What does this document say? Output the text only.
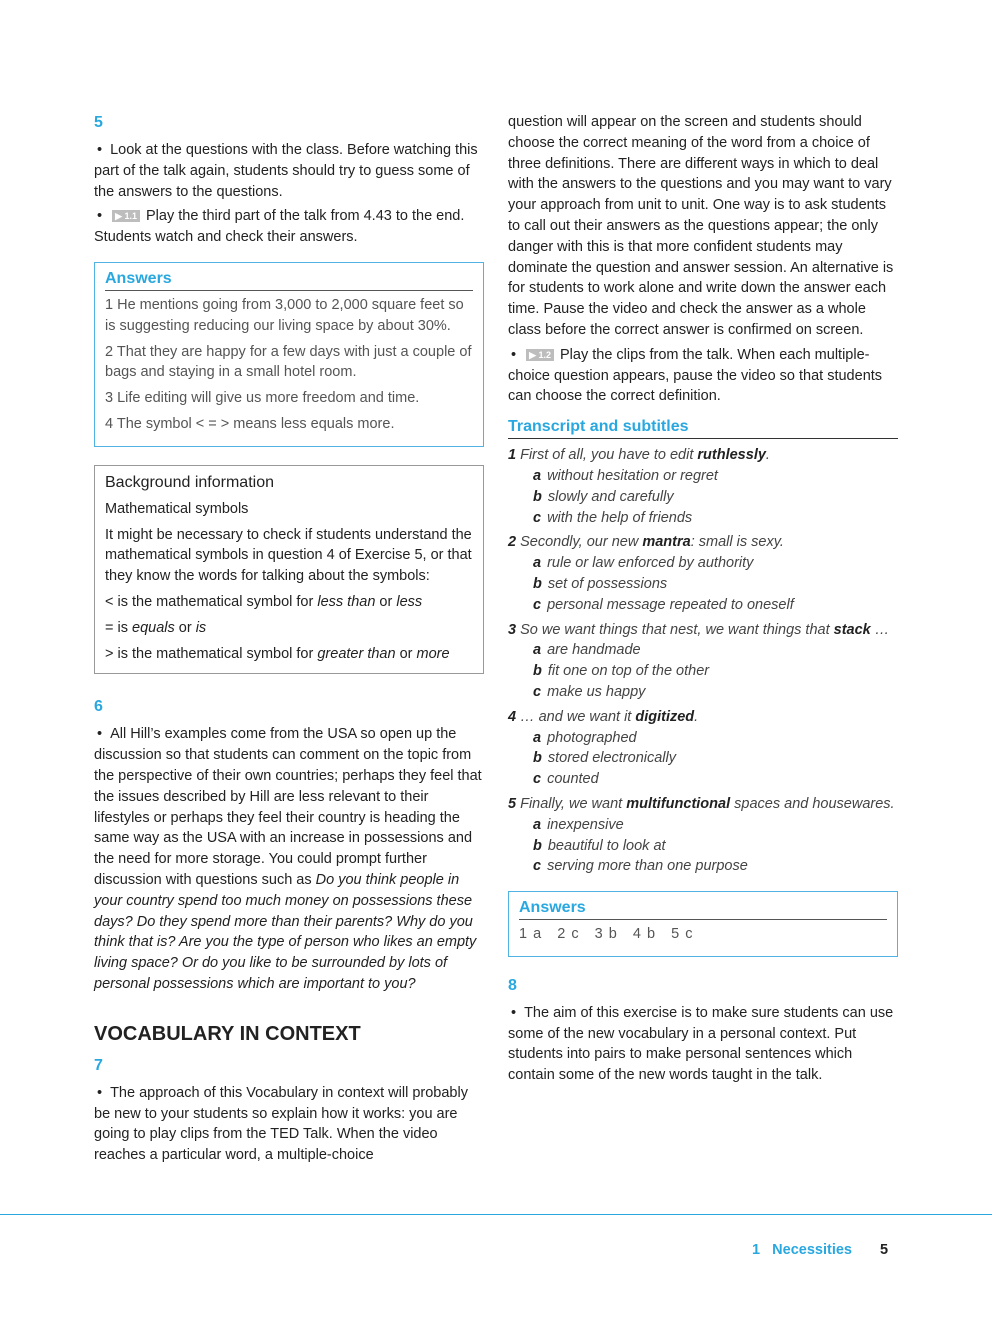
5

• Look at the questions with the class. Before watching this part of the talk again, students should try to guess some of the answers to the questions.

• ▶ 1.1 Play the third part of the talk from 4.43 to the end. Students watch and check their answers.

Answers

1 He mentions going from 3,000 to 2,000 square feet so is suggesting reducing our living space by about 30%.

2 That they are happy for a few days with just a couple of bags and staying in a small hotel room.

3 Life editing will give us more freedom and time.

4 The symbol < = > means less equals more.

Background information
Mathematical symbols

It might be necessary to check if students understand the mathematical symbols in question 4 of Exercise 5, or that they know the words for talking about the symbols:

< is the mathematical symbol for less than or less

= is equals or is

> is the mathematical symbol for greater than or more

6

• All Hill’s examples come from the USA so open up the discussion so that students can comment on the topic from the perspective of their own countries; perhaps they feel that the issues described by Hill are less relevant to their lifestyles or perhaps they feel their country is heading the same way as the USA with an increase in possessions and the need for more storage. You could prompt further discussion with questions such as Do you think people in your country spend too much money on possessions these days? Do they spend more than their parents? Why do you think that is? Are you the type of person who likes an empty living space? Or do you like to be surrounded by lots of personal possessions which are important to you?

VOCABULARY IN CONTEXT
7

• The approach of this Vocabulary in context will probably be new to your students so explain how it works: you are going to play clips from the TED Talk. When the video reaches a particular word, a multiple-choice

question will appear on the screen and students should choose the correct meaning of the word from a choice of three definitions. There are different ways in which to deal with the answers to the questions and you may want to vary your approach from unit to unit. One way is to ask students to call out their answers as the questions appear; the only danger with this is that more confident students may dominate the question and answer session. An alternative is for students to work alone and write down the answer each time. Pause the video and check the answer as a whole class before the correct answer is confirmed on screen.

• ▶ 1.2 Play the clips from the talk. When each multiple-choice question appears, pause the video so that students can choose the correct definition.

Transcript and subtitles

1 First of all, you have to edit ruthlessly.

a without hesitation or regret

b slowly and carefully

c with the help of friends

2 Secondly, our new mantra: small is sexy.

a rule or law enforced by authority

b set of possessions

c personal message repeated to oneself

3 So we want things that nest, we want things that stack …

a are handmade

b fit one on top of the other

c make us happy

4 … and we want it digitized.

a photographed

b stored electronically

c counted

5 Finally, we want multifunctional spaces and housewares.

a inexpensive

b beautiful to look at

c serving more than one purpose

Answers

1 a   2 c   3 b   4 b   5 c

8

• The aim of this exercise is to make sure students can use some of the new vocabulary in a personal context. Put students into pairs to make personal sentences which contain some of the new words taught in the talk.

1 Necessities 5
